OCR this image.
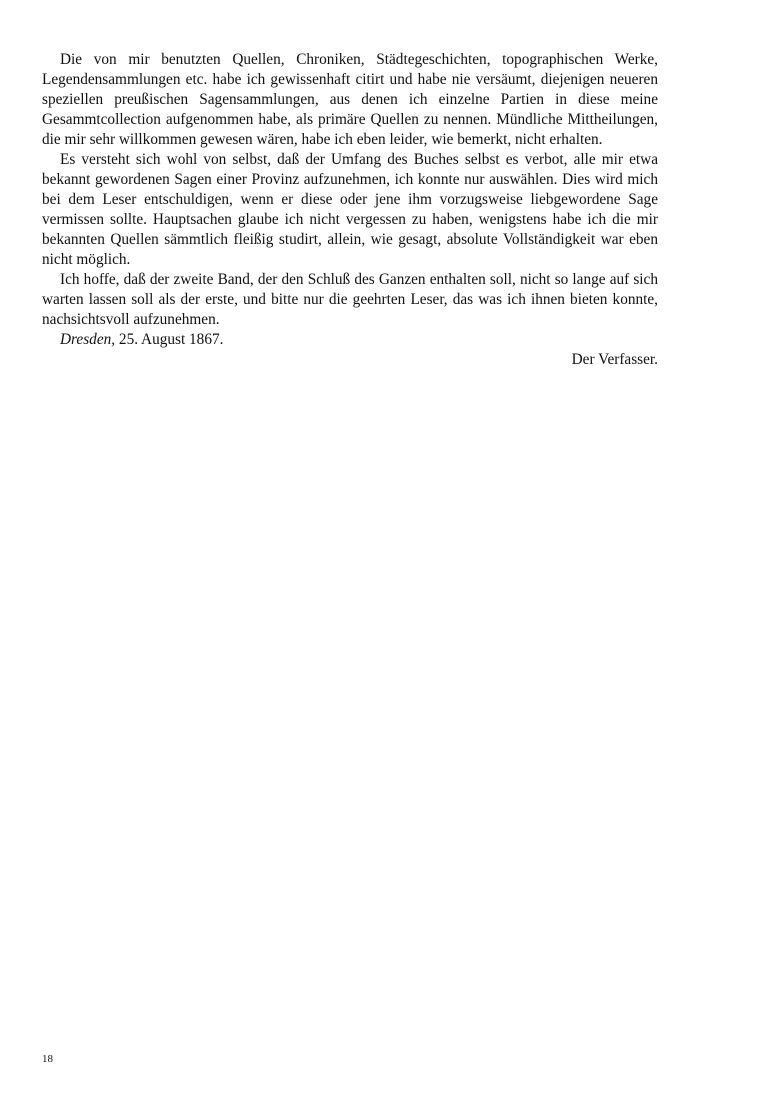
Die von mir benutzten Quellen, Chroniken, Städtegeschichten, topographischen Werke, Legendensammlungen etc. habe ich gewissenhaft citirt und habe nie versäumt, diejenigen neueren speziellen preußischen Sagensammlungen, aus denen ich einzelne Partien in diese meine Gesammtcollection aufgenommen habe, als primäre Quellen zu nennen. Mündliche Mittheilungen, die mir sehr willkommen gewesen wären, habe ich eben leider, wie bemerkt, nicht erhalten.

Es versteht sich wohl von selbst, daß der Umfang des Buches selbst es verbot, alle mir etwa bekannt gewordenen Sagen einer Provinz aufzunehmen, ich konnte nur auswählen. Dies wird mich bei dem Leser entschuldigen, wenn er diese oder jene ihm vorzugsweise liebgewordene Sage vermissen sollte. Hauptsachen glaube ich nicht vergessen zu haben, wenigstens habe ich die mir bekannten Quellen sämmtlich fleißig studirt, allein, wie gesagt, absolute Vollständigkeit war eben nicht möglich.

Ich hoffe, daß der zweite Band, der den Schluß des Ganzen enthalten soll, nicht so lange auf sich warten lassen soll als der erste, und bitte nur die geehrten Leser, das was ich ihnen bieten konnte, nachsichtsvoll aufzunehmen.

Dresden, 25. August 1867.

Der Verfasser.

18
